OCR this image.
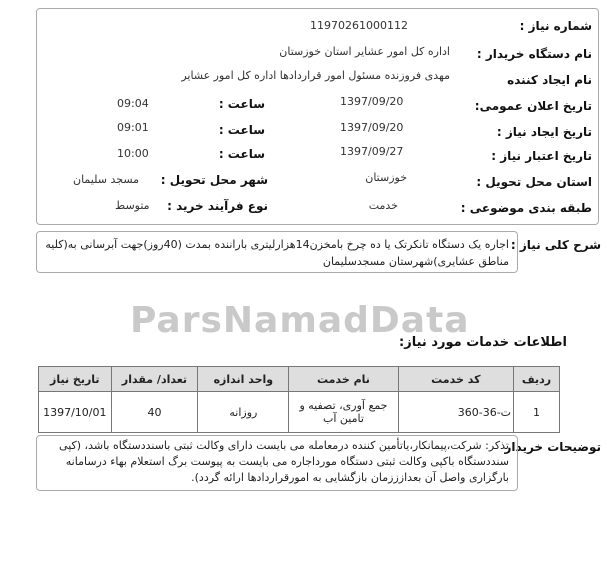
ParsNamadData
شماره نیاز :
11970261000112
نام دستگاه خریدار :
اداره کل امور عشایر استان خوزستان
نام ایجاد کننده
مهدی فروزنده مسئول امور قراردادها اداره کل امور عشایر
تاریخ اعلان عمومی:
1397/09/20
ساعت :
09:04
تاریخ ایجاد نیاز :
1397/09/20
ساعت :
09:01
تاریخ اعتبار نیاز :
1397/09/27
ساعت :
10:00
استان محل تحویل :
خوزستان
شهر محل تحویل :
مسجد سلیمان
طبقه بندی موضوعی :
خدمت
نوع فرآیند خرید :
متوسط
شرح کلی نیاز :
اجاره یک دستگاه تانکرتک یا ده چرخ بامخزن14هزارلیتری باراننده بمدت (40روز)جهت آبرسانی به(کلیه مناطق عشایری)شهرستان مسجدسلیمان
اطلاعات خدمات مورد نیاز:
ردیف	کد خدمت	نام خدمت	واحد اندازه	تعداد/ مقدار	تاریخ نیاز
1	ت-36-360	جمع آوری، تصفیه و تامین آب	روزانه	40	1397/10/01
توضیحات خریدار
تذکر: شرکت،پیمانکار،یاتأمین کننده درمعامله می بایست دارای وکالت ثبتی باسنددستگاه باشد، (کپی سنددستگاه باکپی وکالت ثبتی دستگاه مورداجاره می بایست به پیوست برگ استعلام بهاء درسامانه بارگزاری واصل آن بعدازززمان بازگشایی به امورقراردادها ارائه گردد).
